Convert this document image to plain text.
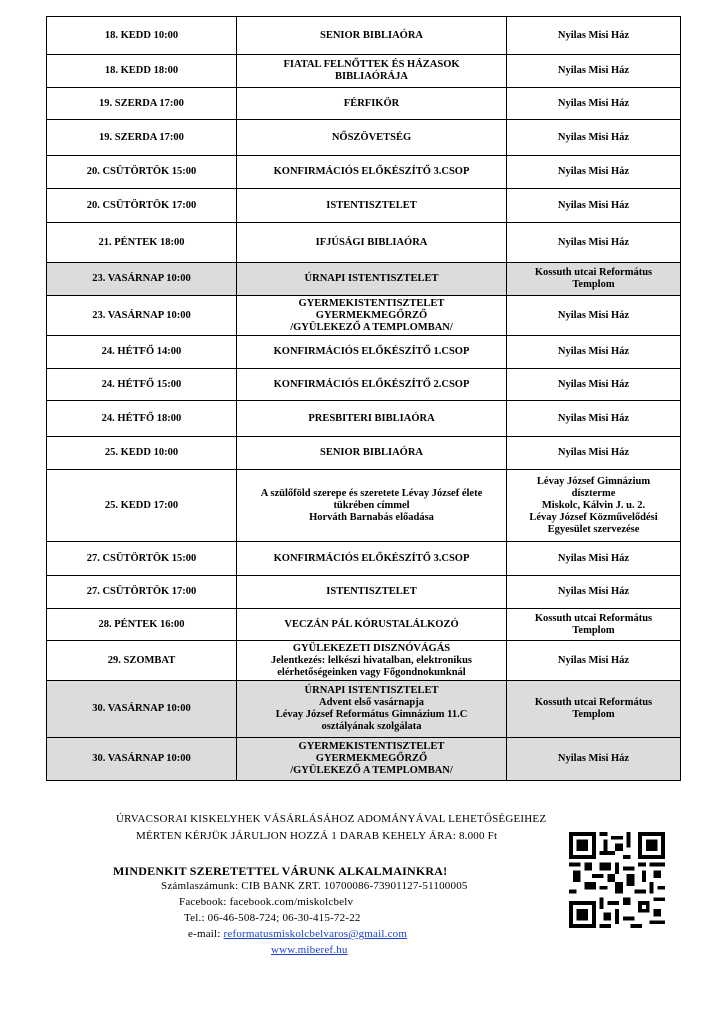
18. KEDD 10:00	SENIOR BIBLIAÓRA	Nyilas Misi Ház

18. KEDD 18:00	FIATAL FELNŐTTEK ÉS HÁZASOK
BIBLIAÓRÁJA	Nyilas Misi Ház

19. SZERDA 17:00	FÉRFIKÖR	Nyilas Misi Ház

19. SZERDA 17:00	NŐSZÖVETSÉG	Nyilas Misi Ház

20. CSÜTÖRTÖK 15:00	KONFIRMÁCIÓS ELŐKÉSZÍTŐ 3.CSOP	Nyilas Misi Ház

20. CSÜTÖRTÖK 17:00	ISTENTISZTELET	Nyilas Misi Ház

21. PÉNTEK 18:00	IFJÚSÁGI BIBLIAÓRA	Nyilas Misi Ház

23. VASÁRNAP 10:00	ÚRNAPI ISTENTISZTELET	Kossuth utcai Református
Templom

23. VASÁRNAP 10:00	GYERMEKISTENTISZTELET
GYERMEKMEGŐRZŐ
/GYÜLEKEZŐ A TEMPLOMBAN/	Nyilas Misi Ház

24. HÉTFŐ 14:00	KONFIRMÁCIÓS ELŐKÉSZÍTŐ 1.CSOP	Nyilas Misi Ház

24. HÉTFŐ 15:00	KONFIRMÁCIÓS ELŐKÉSZÍTŐ 2.CSOP	Nyilas Misi Ház

24. HÉTFŐ 18:00	PRESBITERI BIBLIAÓRA	Nyilas Misi Ház

25. KEDD 10:00	SENIOR BIBLIAÓRA	Nyilas Misi Ház

25. KEDD 17:00	A szülőföld szerepe és szeretete Lévay József élete
tükrében címmel
Horváth Barnabás előadása	Lévay József Gimnázium
díszterme
Miskolc, Kálvin J. u. 2.
Lévay József Közművelődési
Egyesület szervezése

27. CSÜTÖRTÖK 15:00	KONFIRMÁCIÓS ELŐKÉSZÍTŐ 3.CSOP	Nyilas Misi Ház

27. CSÜTÖRTÖK 17:00	ISTENTISZTELET	Nyilas Misi Ház

28. PÉNTEK 16:00	VECZÁN PÁL KÓRUSTALÁLKOZÓ	Kossuth utcai Református
Templom

29. SZOMBAT	GYÜLEKEZETI DISZNÓVÁGÁS
Jelentkezés: lelkészi hivatalban, elektronikus
elérhetőségeinken vagy Főgondnokunknál	Nyilas Misi Ház

30. VASÁRNAP 10:00	ÚRNAPI ISTENTISZTELET
Advent első vasárnapja
Lévay József Református Gimnázium 11.C
osztályának szolgálata	Kossuth utcai Református
Templom

30. VASÁRNAP 10:00	GYERMEKISTENTISZTELET
GYERMEKMEGŐRZŐ
/GYÜLEKEZŐ A TEMPLOMBAN/	Nyilas Misi Ház
ÚRVACSORAI KISKELYHEK VÁSÁRLÁSÁHOZ ADOMÁNYÁVAL LEHETŐSÉGEIHEZ
MÉRTEN KÉRJÜK JÁRULJON HOZZÁ 1 DARAB KEHELY ÁRA: 8.000 Ft
MINDENKIT SZERETETTEL VÁRUNK ALKALMAINKRA!
Számlaszámunk: CIB BANK ZRT. 10700086-73901127-51100005
Facebook: facebook.com/miskolcbelv
Tel.: 06-46-508-724; 06-30-415-72-22
e-mail: reformatusmiskolcbelvaros@gmail.com
www.miberef.hu
